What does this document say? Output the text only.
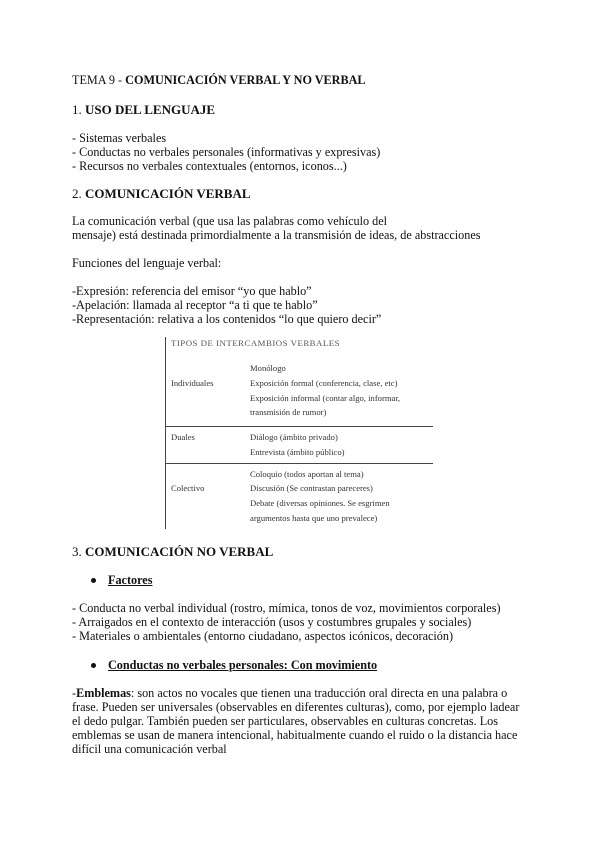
TEMA 9 - COMUNICACIÓN VERBAL Y NO VERBAL
1. USO DEL LENGUAJE
- Sistemas verbales
- Conductas no verbales personales (informativas y expresivas)
- Recursos no verbales contextuales (entornos, iconos...)
2. COMUNICACIÓN VERBAL
La comunicación verbal (que usa las palabras como vehículo del
mensaje) está destinada primordialmente a la transmisión de ideas, de abstracciones
Funciones del lenguaje verbal:
-Expresión: referencia del emisor “yo que hablo”
-Apelación: llamada al receptor “a ti que te hablo”
-Representación: relativa a los contenidos “lo que quiero decir”
TIPOS DE INTERCAMBIOS VERBALES
Individuales
Monólogo
Exposición formal (conferencia, clase, etc)
Exposición informal (contar algo, informar,
transmisión de rumor)
Duales	Diálogo (ámbito privado)
Entrevista (ámbito público)
Colectivo
Coloquio (todos aportan al tema)
Discusión (Se contrastan pareceres)
Debate (diversas opiniones. Se esgrimen
argumentos hasta que uno prevalece)
3. COMUNICACIÓN NO VERBAL
Factores
- Conducta no verbal individual (rostro, mímica, tonos de voz, movimientos corporales)
- Arraigados en el contexto de interacción (usos y costumbres grupales y sociales)
- Materiales o ambientales (entorno ciudadano, aspectos icónicos, decoración)
Conductas no verbales personales: Con movimiento
-Emblemas: son actos no vocales que tienen una traducción oral directa en una palabra o
frase. Pueden ser universales (observables en diferentes culturas), como, por ejemplo ladear
el dedo pulgar. También pueden ser particulares, observables en culturas concretas. Los
emblemas se usan de manera intencional, habitualmente cuando el ruido o la distancia hace
difícil una comunicación verbal
